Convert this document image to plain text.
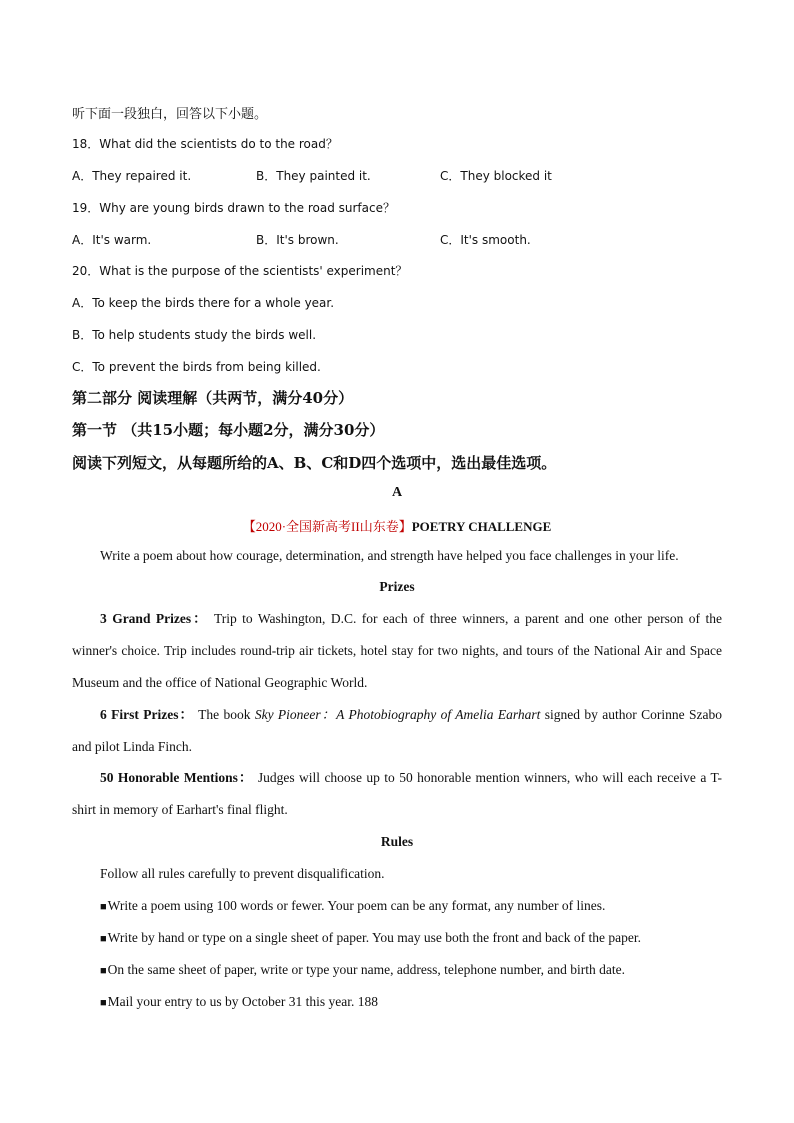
听下面一段独白，回答以下小题。
18．What did the scientists do to the road？
A．They repaired it.	B．They painted it.	C．They blocked it
19．Why are young birds drawn to the road surface？
A．It's warm.	B．It's brown.	C．It's smooth.
20．What is the purpose of the scientists' experiment？
A．To keep the birds there for a whole year.
B．To help students study the birds well.
C．To prevent the birds from being killed.
第二部分 阅读理解（共两节，满分40分）
第一节 （共15小题；每小题2分，满分30分）
阅读下列短文，从每题所给的A、B、C和D四个选项中，选出最佳选项。
A
【2020·全国新高考II山东卷】POETRY CHALLENGE
Write a poem about how courage, determination, and strength have helped you face challenges in your life.
Prizes
3 Grand Prizes： Trip to Washington, D.C. for each of three winners, a parent and one other person of the winner's choice. Trip includes round-trip air tickets, hotel stay for two nights, and tours of the National Air and Space Museum and the office of National Geographic World.
6 First Prizes： The book Sky Pioneer：A Photobiography of Amelia Earhart signed by author Corinne Szabo and pilot Linda Finch.
50 Honorable Mentions： Judges will choose up to 50 honorable mention winners, who will each receive a T-shirt in memory of Earhart's final flight.
Rules
Follow all rules carefully to prevent disqualification.
■Write a poem using 100 words or fewer. Your poem can be any format, any number of lines.
■Write by hand or type on a single sheet of paper. You may use both the front and back of the paper.
■On the same sheet of paper, write or type your name, address, telephone number, and birth date.
■Mail your entry to us by October 31 this year. 188
